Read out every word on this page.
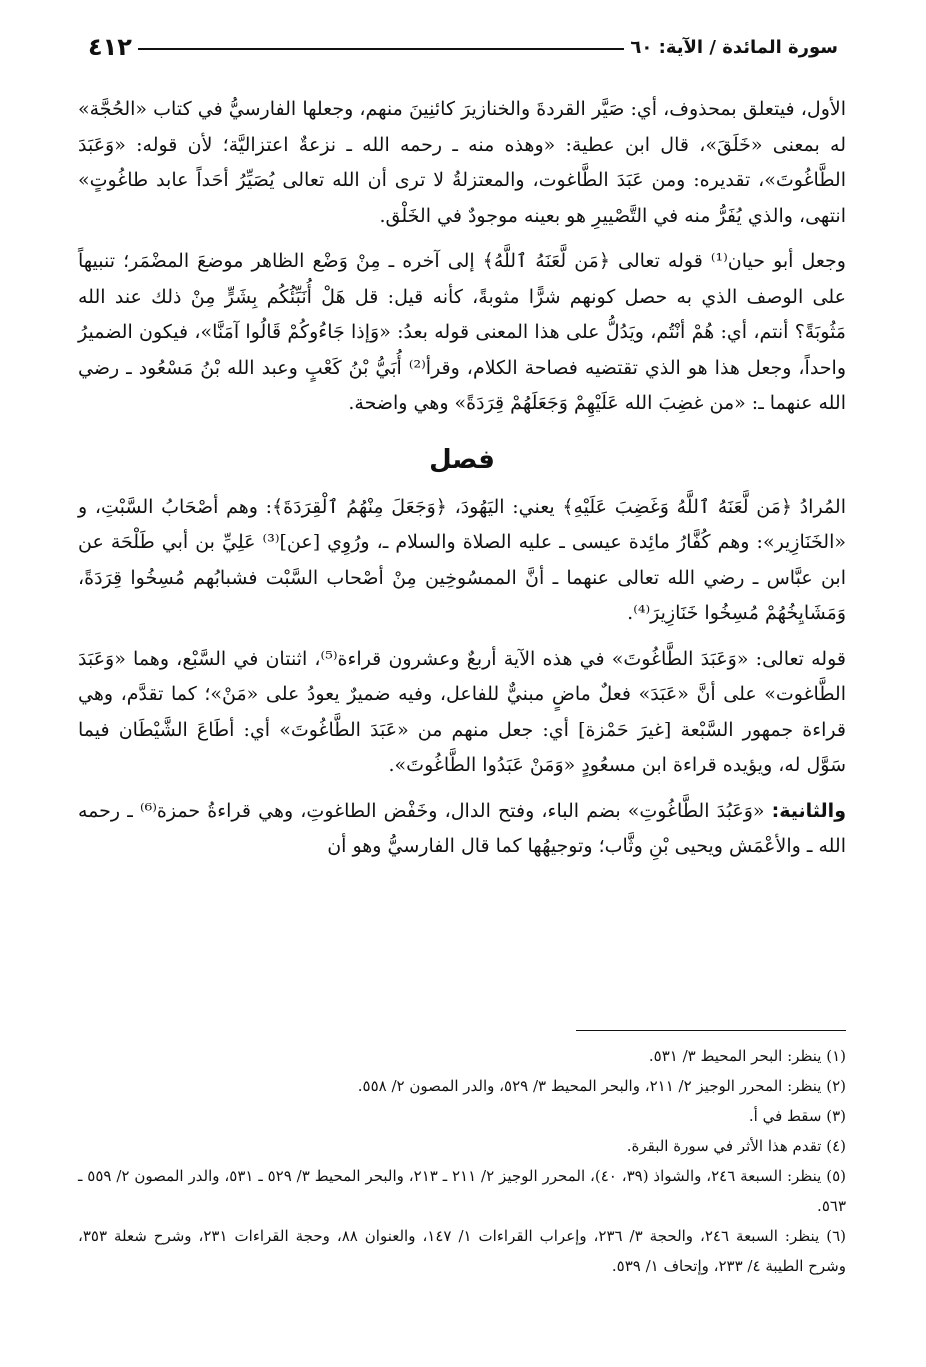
سورة المائدة / الآية: ٦٠
٤١٢

الأول، فيتعلق بمحذوف، أي: صَيَّر القردةَ والخنازيرَ كائنِينَ منهم، وجعلها الفارسيُّ في كتاب «الحُجَّة» له بمعنى «خَلَقَ»، قال ابن عطية: «وهذه منه ـ رحمه الله ـ نزعةٌ اعتزاليَّة؛ لأن قوله: «وَعَبَدَ الطَّاغُوتَ»، تقديره: ومن عَبَدَ الطَّاغوت، والمعتزلةُ لا ترى أن الله تعالى يُصَيِّرُ أحَداً عابد طاغُوتٍ» انتهى، والذي يُفَرُّ منه في التَّصْييرِ هو بعينه موجودٌ في الخَلْق.

وجعل أبو حيان⁽¹⁾ قوله تعالى ﴿مَن لَّعَنَهُ ٱللَّهُ﴾ إلى آخره ـ مِنْ وَضْع الظاهر موضعَ المضْمَر؛ تنبيهاً على الوصف الذي به حصل كونهم شرًّا مثوبةً، كأنه قيل: قل هَلْ أُنَبِّئُكُم بِشَرٍّ مِنْ ذلك عند الله مَثُوبَةً؟ أنتم، أي: هُمْ أنْتُم، ويَدُلُّ على هذا المعنى قوله بعدُ: «وَإذا جَاءُوكُمْ قَالُوا آمَنَّا»، فيكون الضميرُ واحداً، وجعل هذا هو الذي تقتضيه فصاحة الكلام، وقرأ⁽²⁾ أُبَيُّ بْنُ كَعْبٍ وعبد الله بْنُ مَسْعُود ـ رضي الله عنهما ـ: «من غضِبَ الله عَلَيْهِمْ وَجَعَلَهُمْ قِرَدَةً» وهي واضحة.

فصل

المُرادُ ﴿مَن لَّعَنَهُ ٱللَّهُ وَغَضِبَ عَلَيْهِ﴾ يعني: اليَهُودَ، ﴿وَجَعَلَ مِنْهُمُ ٱلْقِرَدَةَ﴾: وهم أصْحَابُ السَّبْتِ، و «الخَنَازِير»: وهم كُفَّارُ مائِدة عيسى ـ عليه الصلاة والسلام ـ، ورُوِي [عن]⁽³⁾ عَلِيِّ بن أبي طَلْحَة عن ابن عبَّاس ـ رضي الله تعالى عنهما ـ أنَّ الممسُوخِين مِنْ أصْحاب السَّبْت فشبابُهم مُسِخُوا قِرَدَةً، وَمَشَايِخُهُمْ مُسِخُوا خَنَازِيرَ⁽⁴⁾.

قوله تعالى: «وَعَبَدَ الطَّاغُوتَ» في هذه الآية أربعٌ وعشرون قراءة⁽⁵⁾، اثنتان في السَّبْع، وهما «وَعَبَدَ الطَّاغوت» على أنَّ «عَبَدَ» فعلٌ ماضٍ مبنيٌّ للفاعل، وفيه ضميرٌ يعودُ على «مَنْ»؛ كما تقدَّم، وهي قراءة جمهور السَّبْعة [غيرَ حَمْزة] أي: جعل منهم من «عَبَدَ الطَّاغُوتَ» أي: أطَاعَ الشَّيْطَان فيما سَوَّل له، ويؤيده قراءة ابن مسعُودٍ «وَمَنْ عَبَدُوا الطَّاغُوتَ».

والثانية: «وَعَبُدَ الطَّاغُوتِ» بضم الباء، وفتح الدال، وخَفْض الطاغوتِ، وهي قراءةُ حمزة⁽⁶⁾ ـ رحمه الله ـ والأعْمَش ويحيى بْنِ وثَّاب؛ وتوجيهُها كما قال الفارسيُّ وهو أن

(١) ينظر: البحر المحيط ٣/ ٥٣١.

(٢) ينظر: المحرر الوجيز ٢/ ٢١١، والبحر المحيط ٣/ ٥٢٩، والدر المصون ٢/ ٥٥٨.

(٣) سقط في أ.

(٤) تقدم هذا الأثر في سورة البقرة.

(٥) ينظر: السبعة ٢٤٦، والشواذ (٣٩، ٤٠)، المحرر الوجيز ٢/ ٢١١ ـ ٢١٣، والبحر المحيط ٣/ ٥٢٩ ـ ٥٣١، والدر المصون ٢/ ٥٥٩ ـ ٥٦٣.

(٦) ينظر: السبعة ٢٤٦، والحجة ٣/ ٢٣٦، وإعراب القراءات ١/ ١٤٧، والعنوان ٨٨، وحجة القراءات ٢٣١، وشرح شعلة ٣٥٣، وشرح الطيبة ٤/ ٢٣٣، وإتحاف ١/ ٥٣٩.
